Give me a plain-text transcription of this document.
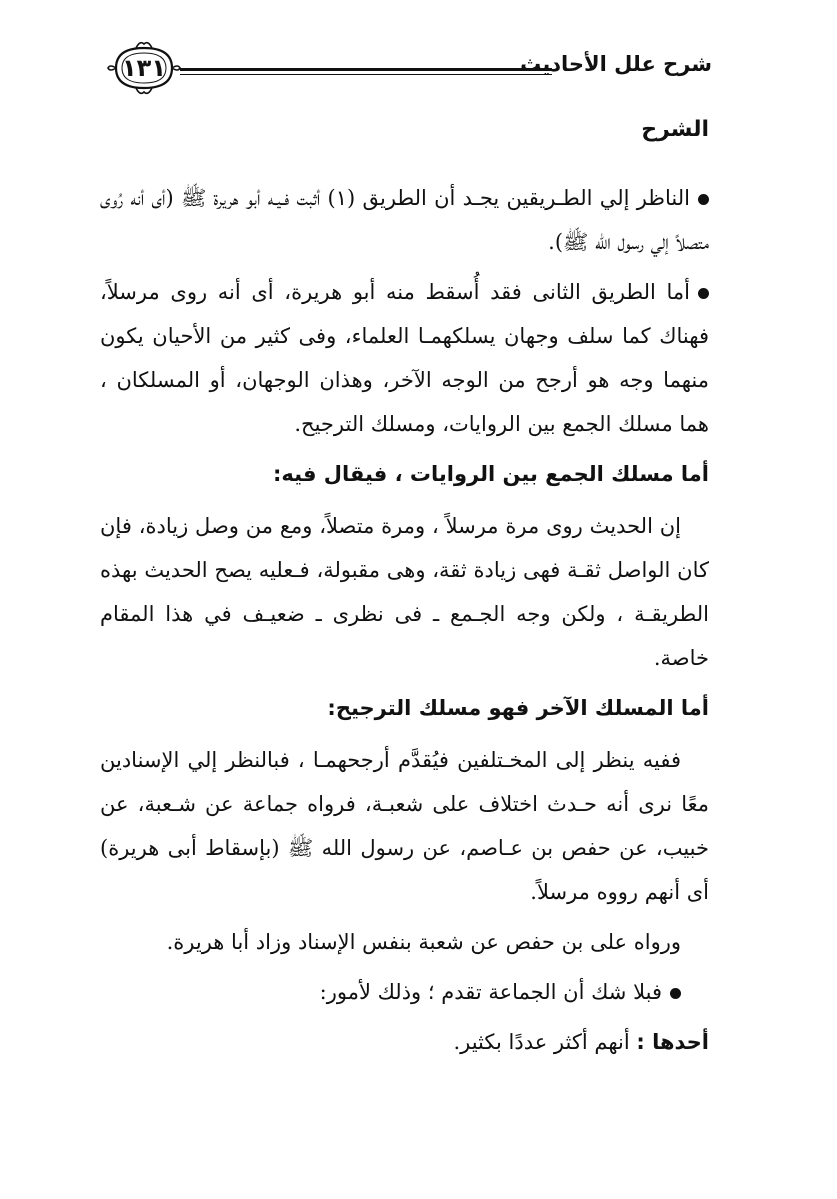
شرح علل الأحاديث
١٣١
الشرح

الناظر إلي الطـريقين يجـد أن الطريق (١) أثبت فـيـه أبو هريرة ﷺ (أى أنه رُوى متصلاً إلي رسول الله ﷺ).

أما الطريق الثانى فقد أُسقط منه أبو هريرة، أى أنه روى مرسلاً، فهناك كما سلف وجهان يسلكهمـا العلماء، وفى كثير من الأحيان يكون منهما وجه هو أرجح من الوجه الآخر، وهذان الوجهان، أو المسلكان ، هما مسلك الجمع بين الروايات، ومسلك الترجيح.

أما مسلك الجمع بين الروايات ، فيقال فيه:

إن الحديث روى مرة مرسلاً ، ومرة متصلاً، ومع من وصل زيادة، فإن كان الواصل ثقـة فهى زيادة ثقة، وهى مقبولة، فـعليه يصح الحديث بهذه الطريقـة ، ولكن وجه الجـمع ـ فى نظرى ـ ضعيـف في هذا المقام خاصة.

أما المسلك الآخر فهو مسلك الترجيح:

ففيه ينظر إلى المخـتلفين فيُقدَّم أرجحهمـا ، فبالنظر إلي الإسنادين معًا نرى أنه حـدث اختلاف على شعبـة، فرواه جماعة عن شـعبة، عن خبيب، عن حفص بن عـاصم، عن رسول الله ﷺ (بإسقاط أبى هريرة) أى أنهم رووه مرسلاً.

ورواه على بن حفص عن شعبة بنفس الإسناد وزاد أبا هريرة.

فبلا شك أن الجماعة تقدم ؛ وذلك لأمور:

أحدها : أنهم أكثر عددًا بكثير.
